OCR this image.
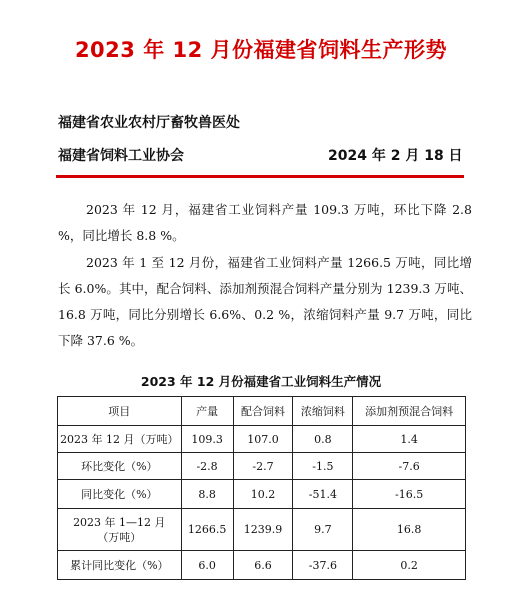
2023 年 12 月份福建省饲料生产形势
福建省农业农村厅畜牧兽医处
福建省饲料工业协会	2024 年 2 月 18 日
2023 年 12 月，福建省工业饲料产量 109.3 万吨，环比下降 2.8 %，同比增长 8.8 %。
2023 年 1 至 12 月份，福建省工业饲料产量 1266.5 万吨，同比增长 6.0%。其中，配合饲料、添加剂预混合饲料产量分别为 1239.3 万吨、16.8 万吨，同比分别增长 6.6%、0.2 %，浓缩饲料产量 9.7 万吨，同比下降 37.6 %。
2023 年 12 月份福建省工业饲料生产情况
项目	产量	配合饲料	浓缩饲料	添加剂预混合饲料
2023 年 12 月（万吨）	109.3	107.0	0.8	1.4
环比变化（%）	-2.8	-2.7	-1.5	-7.6
同比变化（%）	8.8	10.2	-51.4	-16.5

2023 年 1—12 月
（万吨）	1266.5	1239.9	9.7	16.8
累计同比变化（%）	6.0	6.6	-37.6	0.2
